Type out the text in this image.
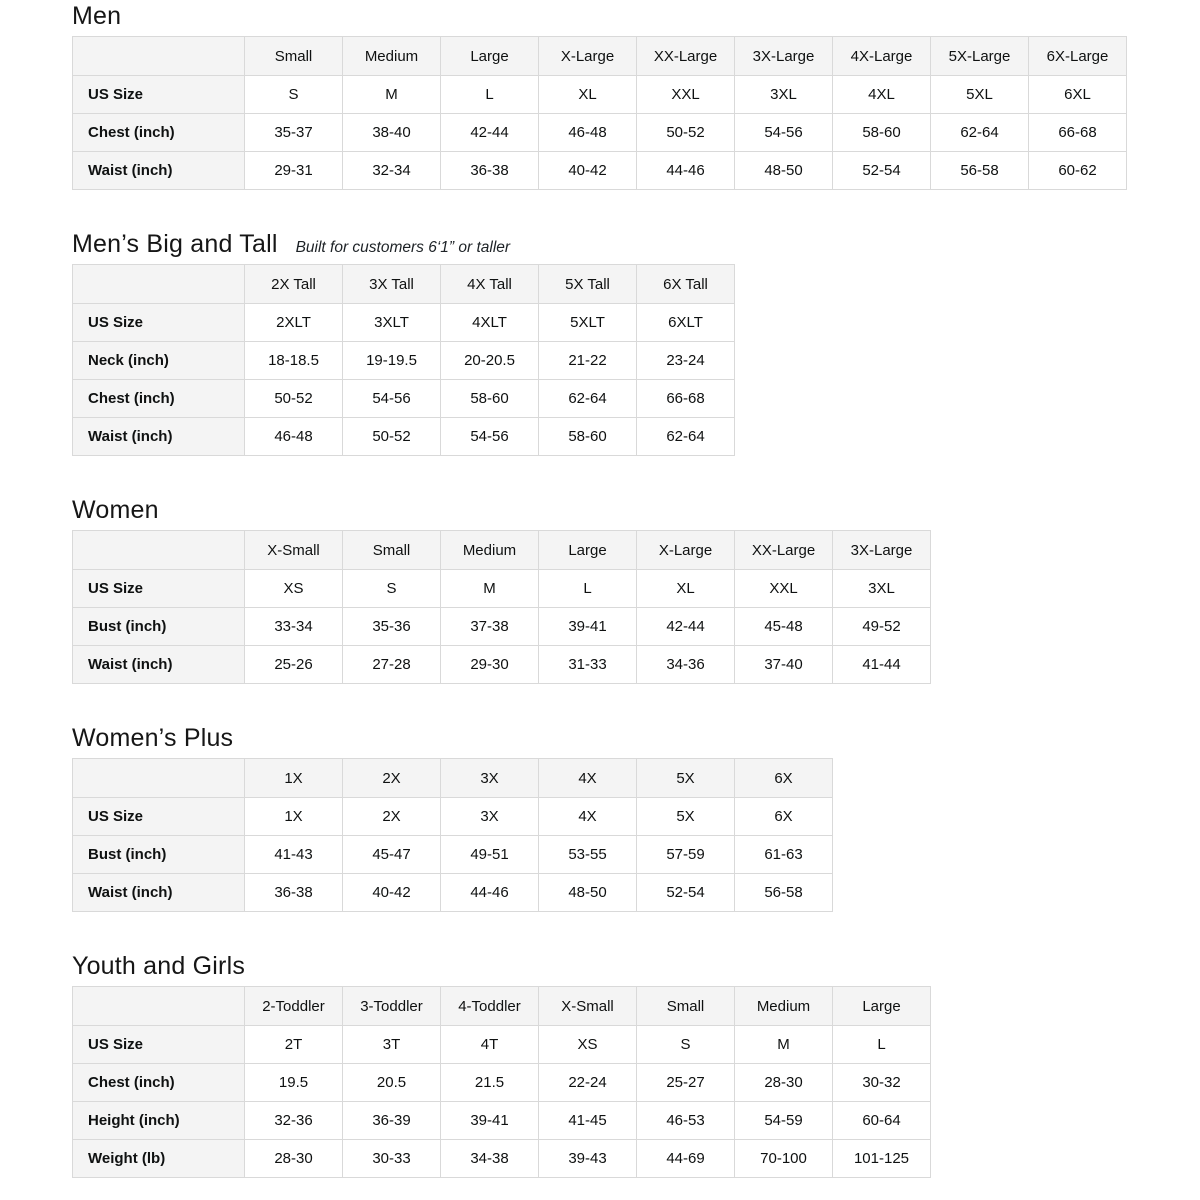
Men
	Small	Medium	Large	X-Large	XX-Large	3X-Large	4X-Large	5X-Large	6X-Large
US Size	S	M	L	XL	XXL	3XL	4XL	5XL	6XL
Chest (inch)	35-37	38-40	42-44	46-48	50-52	54-56	58-60	62-64	66-68
Waist (inch)	29-31	32-34	36-38	40-42	44-46	48-50	52-54	56-58	60-62
Men’s Big and Tall Built for customers 6‘1” or taller
	2X Tall	3X Tall	4X Tall	5X Tall	6X Tall
US Size	2XLT	3XLT	4XLT	5XLT	6XLT
Neck (inch)	18-18.5	19-19.5	20-20.5	21-22	23-24
Chest (inch)	50-52	54-56	58-60	62-64	66-68
Waist (inch)	46-48	50-52	54-56	58-60	62-64
Women
	X-Small	Small	Medium	Large	X-Large	XX-Large	3X-Large
US Size	XS	S	M	L	XL	XXL	3XL
Bust (inch)	33-34	35-36	37-38	39-41	42-44	45-48	49-52
Waist (inch)	25-26	27-28	29-30	31-33	34-36	37-40	41-44
Women’s Plus
	1X	2X	3X	4X	5X	6X
US Size	1X	2X	3X	4X	5X	6X
Bust (inch)	41-43	45-47	49-51	53-55	57-59	61-63
Waist (inch)	36-38	40-42	44-46	48-50	52-54	56-58
Youth and Girls
	2-Toddler	3-Toddler	4-Toddler	X-Small	Small	Medium	Large
US Size	2T	3T	4T	XS	S	M	L
Chest (inch)	19.5	20.5	21.5	22-24	25-27	28-30	30-32
Height (inch)	32-36	36-39	39-41	41-45	46-53	54-59	60-64
Weight (lb)	28-30	30-33	34-38	39-43	44-69	70-100	101-125
